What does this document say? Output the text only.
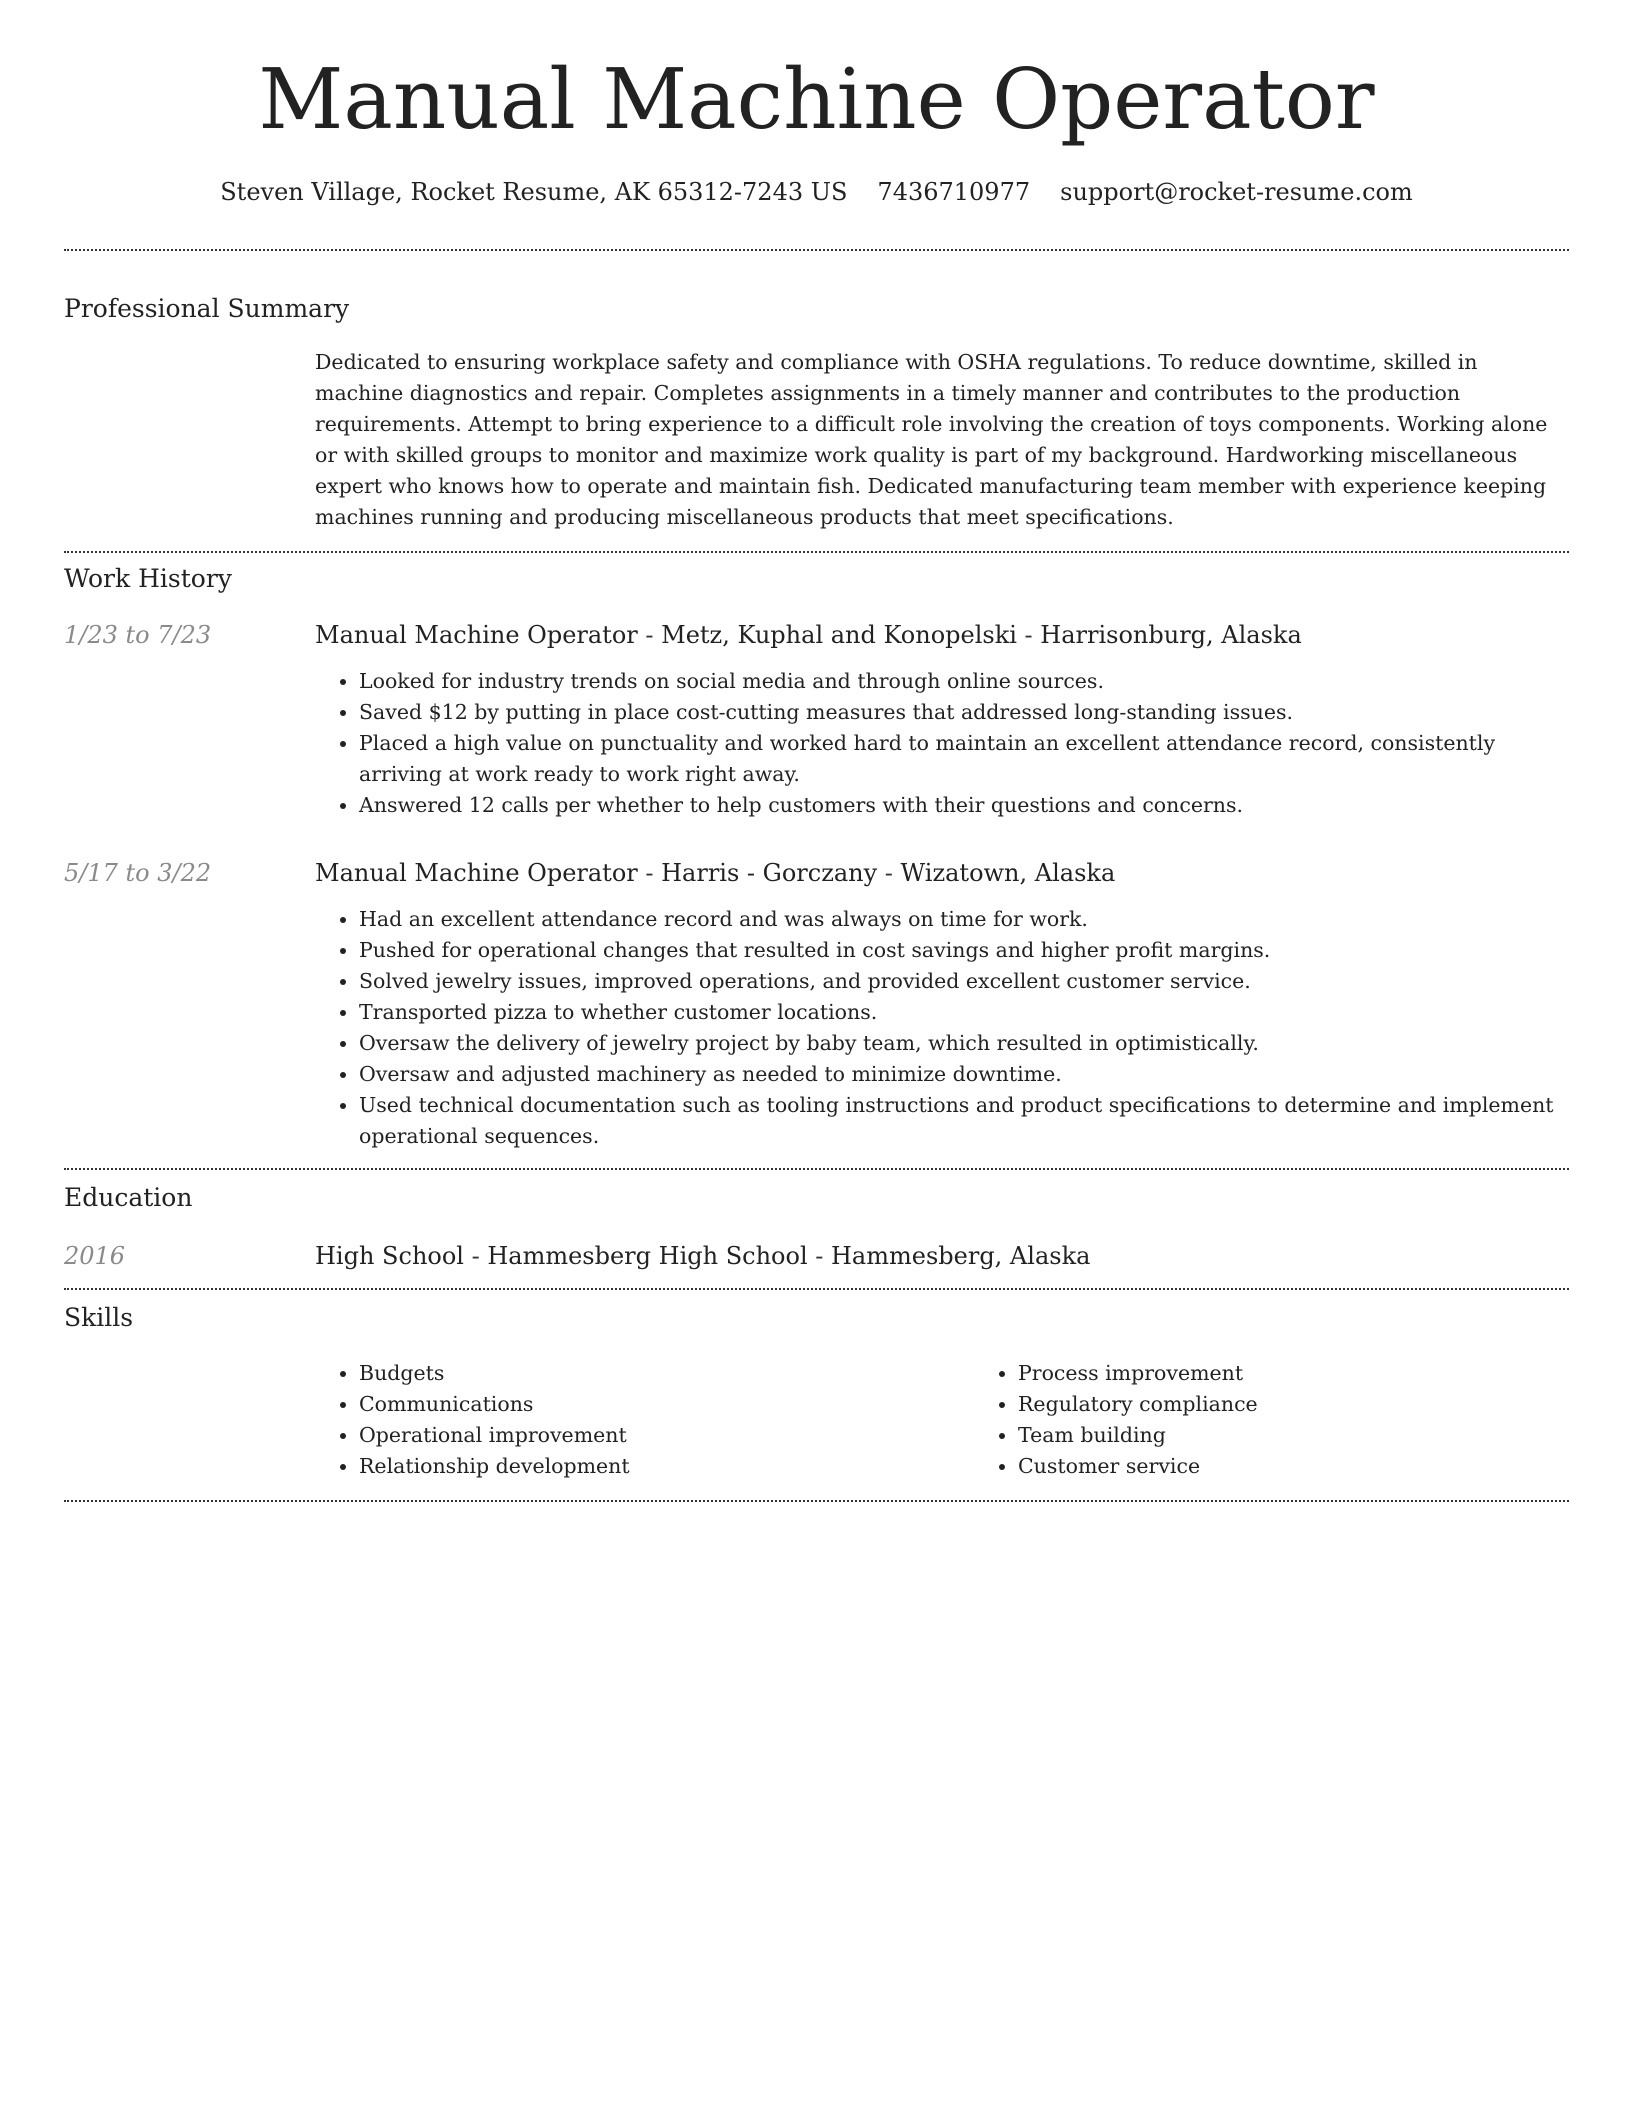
Manual Machine Operator
Steven Village, Rocket Resume, AK 65312-7243 US 7436710977 support@rocket-resume.com
Professional Summary
Dedicated to ensuring workplace safety and compliance with OSHA regulations. To reduce downtime, skilled in machine diagnostics and repair. Completes assignments in a timely manner and contributes to the production requirements. Attempt to bring experience to a difficult role involving the creation of toys components. Working alone or with skilled groups to monitor and maximize work quality is part of my background. Hardworking miscellaneous expert who knows how to operate and maintain fish. Dedicated manufacturing team member with experience keeping machines running and producing miscellaneous products that meet specifications.
Work History
1/23 to 7/23	Manual Machine Operator - Metz, Kuphal and Konopelski - Harrisonburg, Alaska
• Looked for industry trends on social media and through online sources.
• Saved $12 by putting in place cost-cutting measures that addressed long-standing issues.
• Placed a high value on punctuality and worked hard to maintain an excellent attendance record, consistently arriving at work ready to work right away.
• Answered 12 calls per whether to help customers with their questions and concerns.
5/17 to 3/22	Manual Machine Operator - Harris - Gorczany - Wizatown, Alaska
• Had an excellent attendance record and was always on time for work.
• Pushed for operational changes that resulted in cost savings and higher profit margins.
• Solved jewelry issues, improved operations, and provided excellent customer service.
• Transported pizza to whether customer locations.
• Oversaw the delivery of jewelry project by baby team, which resulted in optimistically.
• Oversaw and adjusted machinery as needed to minimize downtime.
• Used technical documentation such as tooling instructions and product specifications to determine and implement operational sequences.
Education
2016	High School - Hammesberg High School - Hammesberg, Alaska
Skills
• Budgets
• Communications
• Operational improvement
• Relationship development
• Process improvement
• Regulatory compliance
• Team building
• Customer service
